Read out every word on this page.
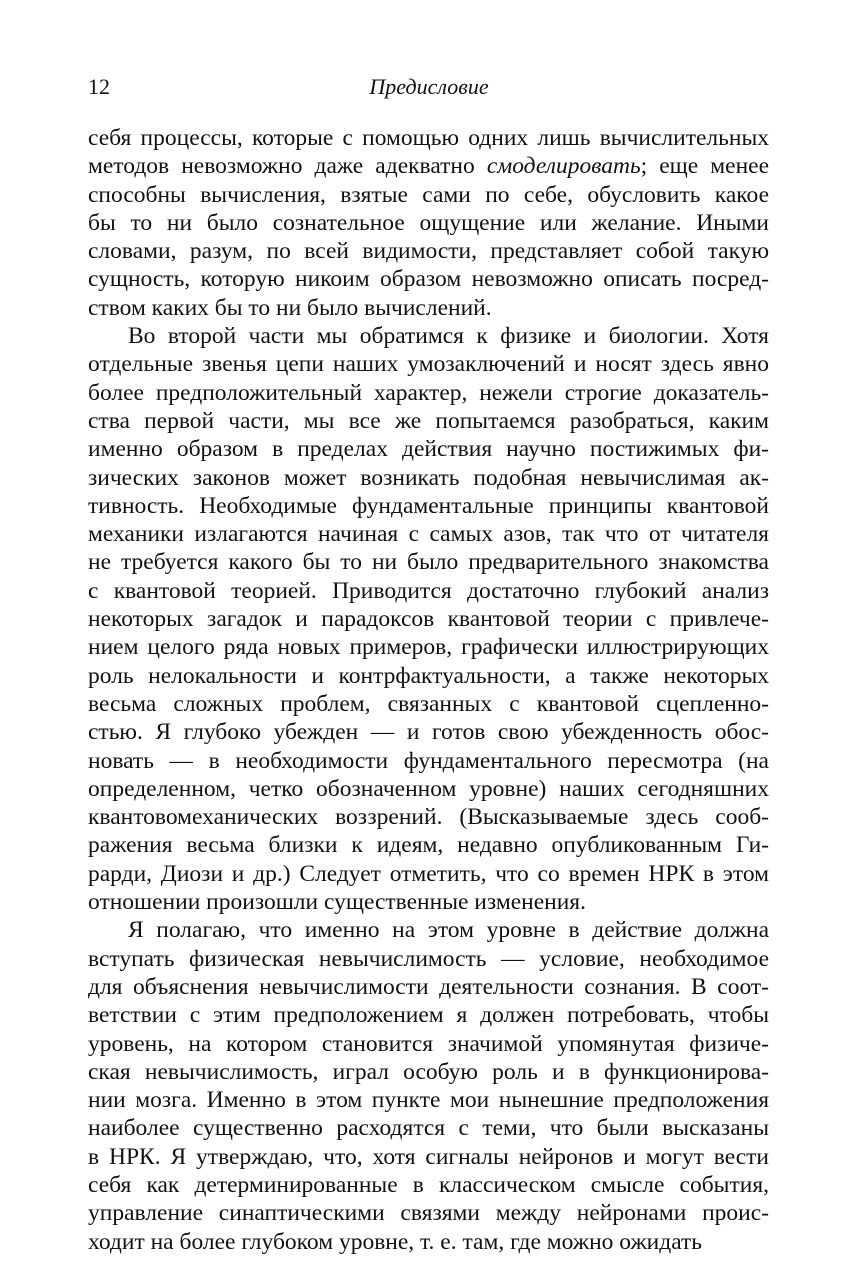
12	Предисловие
себя процессы, которые с помощью одних лишь вычислительных
методов невозможно даже адекватно смоделировать; еще менее
способны вычисления, взятые сами по себе, обусловить какое
бы то ни было сознательное ощущение или желание. Иными
словами, разум, по всей видимости, представляет собой такую
сущность, которую никоим образом невозможно описать посред-
ством каких бы то ни было вычислений.
Во второй части мы обратимся к физике и биологии. Хотя
отдельные звенья цепи наших умозаключений и носят здесь явно
более предположительный характер, нежели строгие доказатель-
ства первой части, мы все же попытаемся разобраться, каким
именно образом в пределах действия научно постижимых фи-
зических законов может возникать подобная невычислимая ак-
тивность. Необходимые фундаментальные принципы квантовой
механики излагаются начиная с самых азов, так что от читателя
не требуется какого бы то ни было предварительного знакомства
с квантовой теорией. Приводится достаточно глубокий анализ
некоторых загадок и парадоксов квантовой теории с привлече-
нием целого ряда новых примеров, графически иллюстрирующих
роль нелокальности и контрфактуальности, а также некоторых
весьма сложных проблем, связанных с квантовой сцепленно-
стью. Я глубоко убежден — и готов свою убежденность обос-
новать — в необходимости фундаментального пересмотра (на
определенном, четко обозначенном уровне) наших сегодняшних
квантовомеханических воззрений. (Высказываемые здесь сооб-
ражения весьма близки к идеям, недавно опубликованным Ги-
рарди, Диози и др.) Следует отметить, что со времен НРК в этом
отношении произошли существенные изменения.
Я полагаю, что именно на этом уровне в действие должна
вступать физическая невычислимость — условие, необходимое
для объяснения невычислимости деятельности сознания. В соот-
ветствии с этим предположением я должен потребовать, чтобы
уровень, на котором становится значимой упомянутая физиче-
ская невычислимость, играл особую роль и в функционирова-
нии мозга. Именно в этом пункте мои нынешние предположения
наиболее существенно расходятся с теми, что были высказаны
в НРК. Я утверждаю, что, хотя сигналы нейронов и могут вести
себя как детерминированные в классическом смысле события,
управление синаптическими связями между нейронами проис-
ходит на более глубоком уровне, т. е. там, где можно ожидать
